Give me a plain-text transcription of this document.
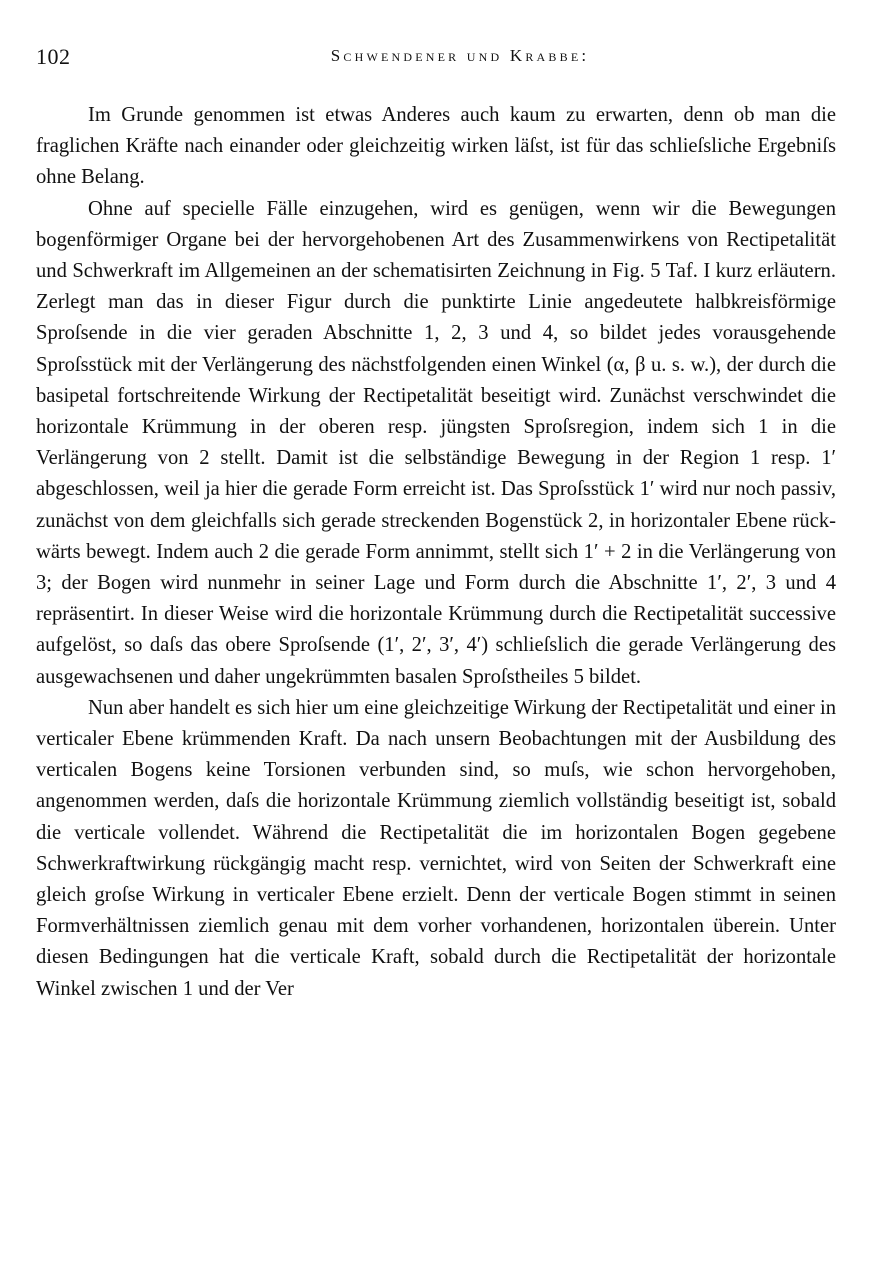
102	Schwendener und Krabbe:

Im Grunde genommen ist etwas Anderes auch kaum zu erwarten, denn ob man die fraglichen Kräfte nach einander oder gleichzeitig wirken läſst, ist für das schlieſsliche Ergebniſs ohne Belang.

Ohne auf specielle Fälle einzugehen, wird es genügen, wenn wir die Bewegungen bogenförmiger Organe bei der hervorgehobenen Art des Zusammenwirkens von Rectipetalität und Schwerkraft im Allgemeinen an der schematisirten Zeichnung in Fig. 5 Taf. I kurz erläutern. Zerlegt man das in dieser Figur durch die punktirte Linie angedeutete halbkreisförmige Sproſsende in die vier geraden Abschnitte 1, 2, 3 und 4, so bildet jedes vorausgehende Sproſsstück mit der Verlängerung des nächstfolgenden einen Winkel (α, β u. s. w.), der durch die basipetal fortschreitende Wirkung der Rectipetalität beseitigt wird. Zunächst verschwindet die horizontale Krümmung in der oberen resp. jüngsten Sproſsregion, indem sich 1 in die Verlängerung von 2 stellt. Damit ist die selbständige Bewegung in der Region 1 resp. 1′ abgeschlossen, weil ja hier die gerade Form erreicht ist. Das Sproſsstück 1′ wird nur noch passiv, zunächst von dem gleichfalls sich gerade streckenden Bogenstück 2, in horizontaler Ebene rückwärts bewegt. Indem auch 2 die gerade Form annimmt, stellt sich 1′ + 2 in die Verlängerung von 3; der Bogen wird nunmehr in seiner Lage und Form durch die Abschnitte 1′, 2′, 3 und 4 repräsentirt. In dieser Weise wird die horizontale Krümmung durch die Rectipetalität successive aufgelöst, so daſs das obere Sproſsende (1′, 2′, 3′, 4′) schlieſslich die gerade Verlängerung des ausgewachsenen und daher ungekrümmten basalen Sproſstheiles 5 bildet.

Nun aber handelt es sich hier um eine gleichzeitige Wirkung der Rectipetalität und einer in verticaler Ebene krümmenden Kraft. Da nach unsern Beobachtungen mit der Ausbildung des verticalen Bogens keine Torsionen verbunden sind, so muſs, wie schon hervorgehoben, angenommen werden, daſs die horizontale Krümmung ziemlich vollständig beseitigt ist, sobald die verticale vollendet. Während die Rectipetalität die im horizontalen Bogen gegebene Schwerkraftwirkung rückgängig macht resp. vernichtet, wird von Seiten der Schwerkraft eine gleich groſse Wirkung in verticaler Ebene erzielt. Denn der verticale Bogen stimmt in seinen Formverhältnissen ziemlich genau mit dem vorher vorhandenen, horizontalen überein. Unter diesen Bedingungen hat die verticale Kraft, sobald durch die Rectipetalität der horizontale Winkel zwischen 1 und der Ver
